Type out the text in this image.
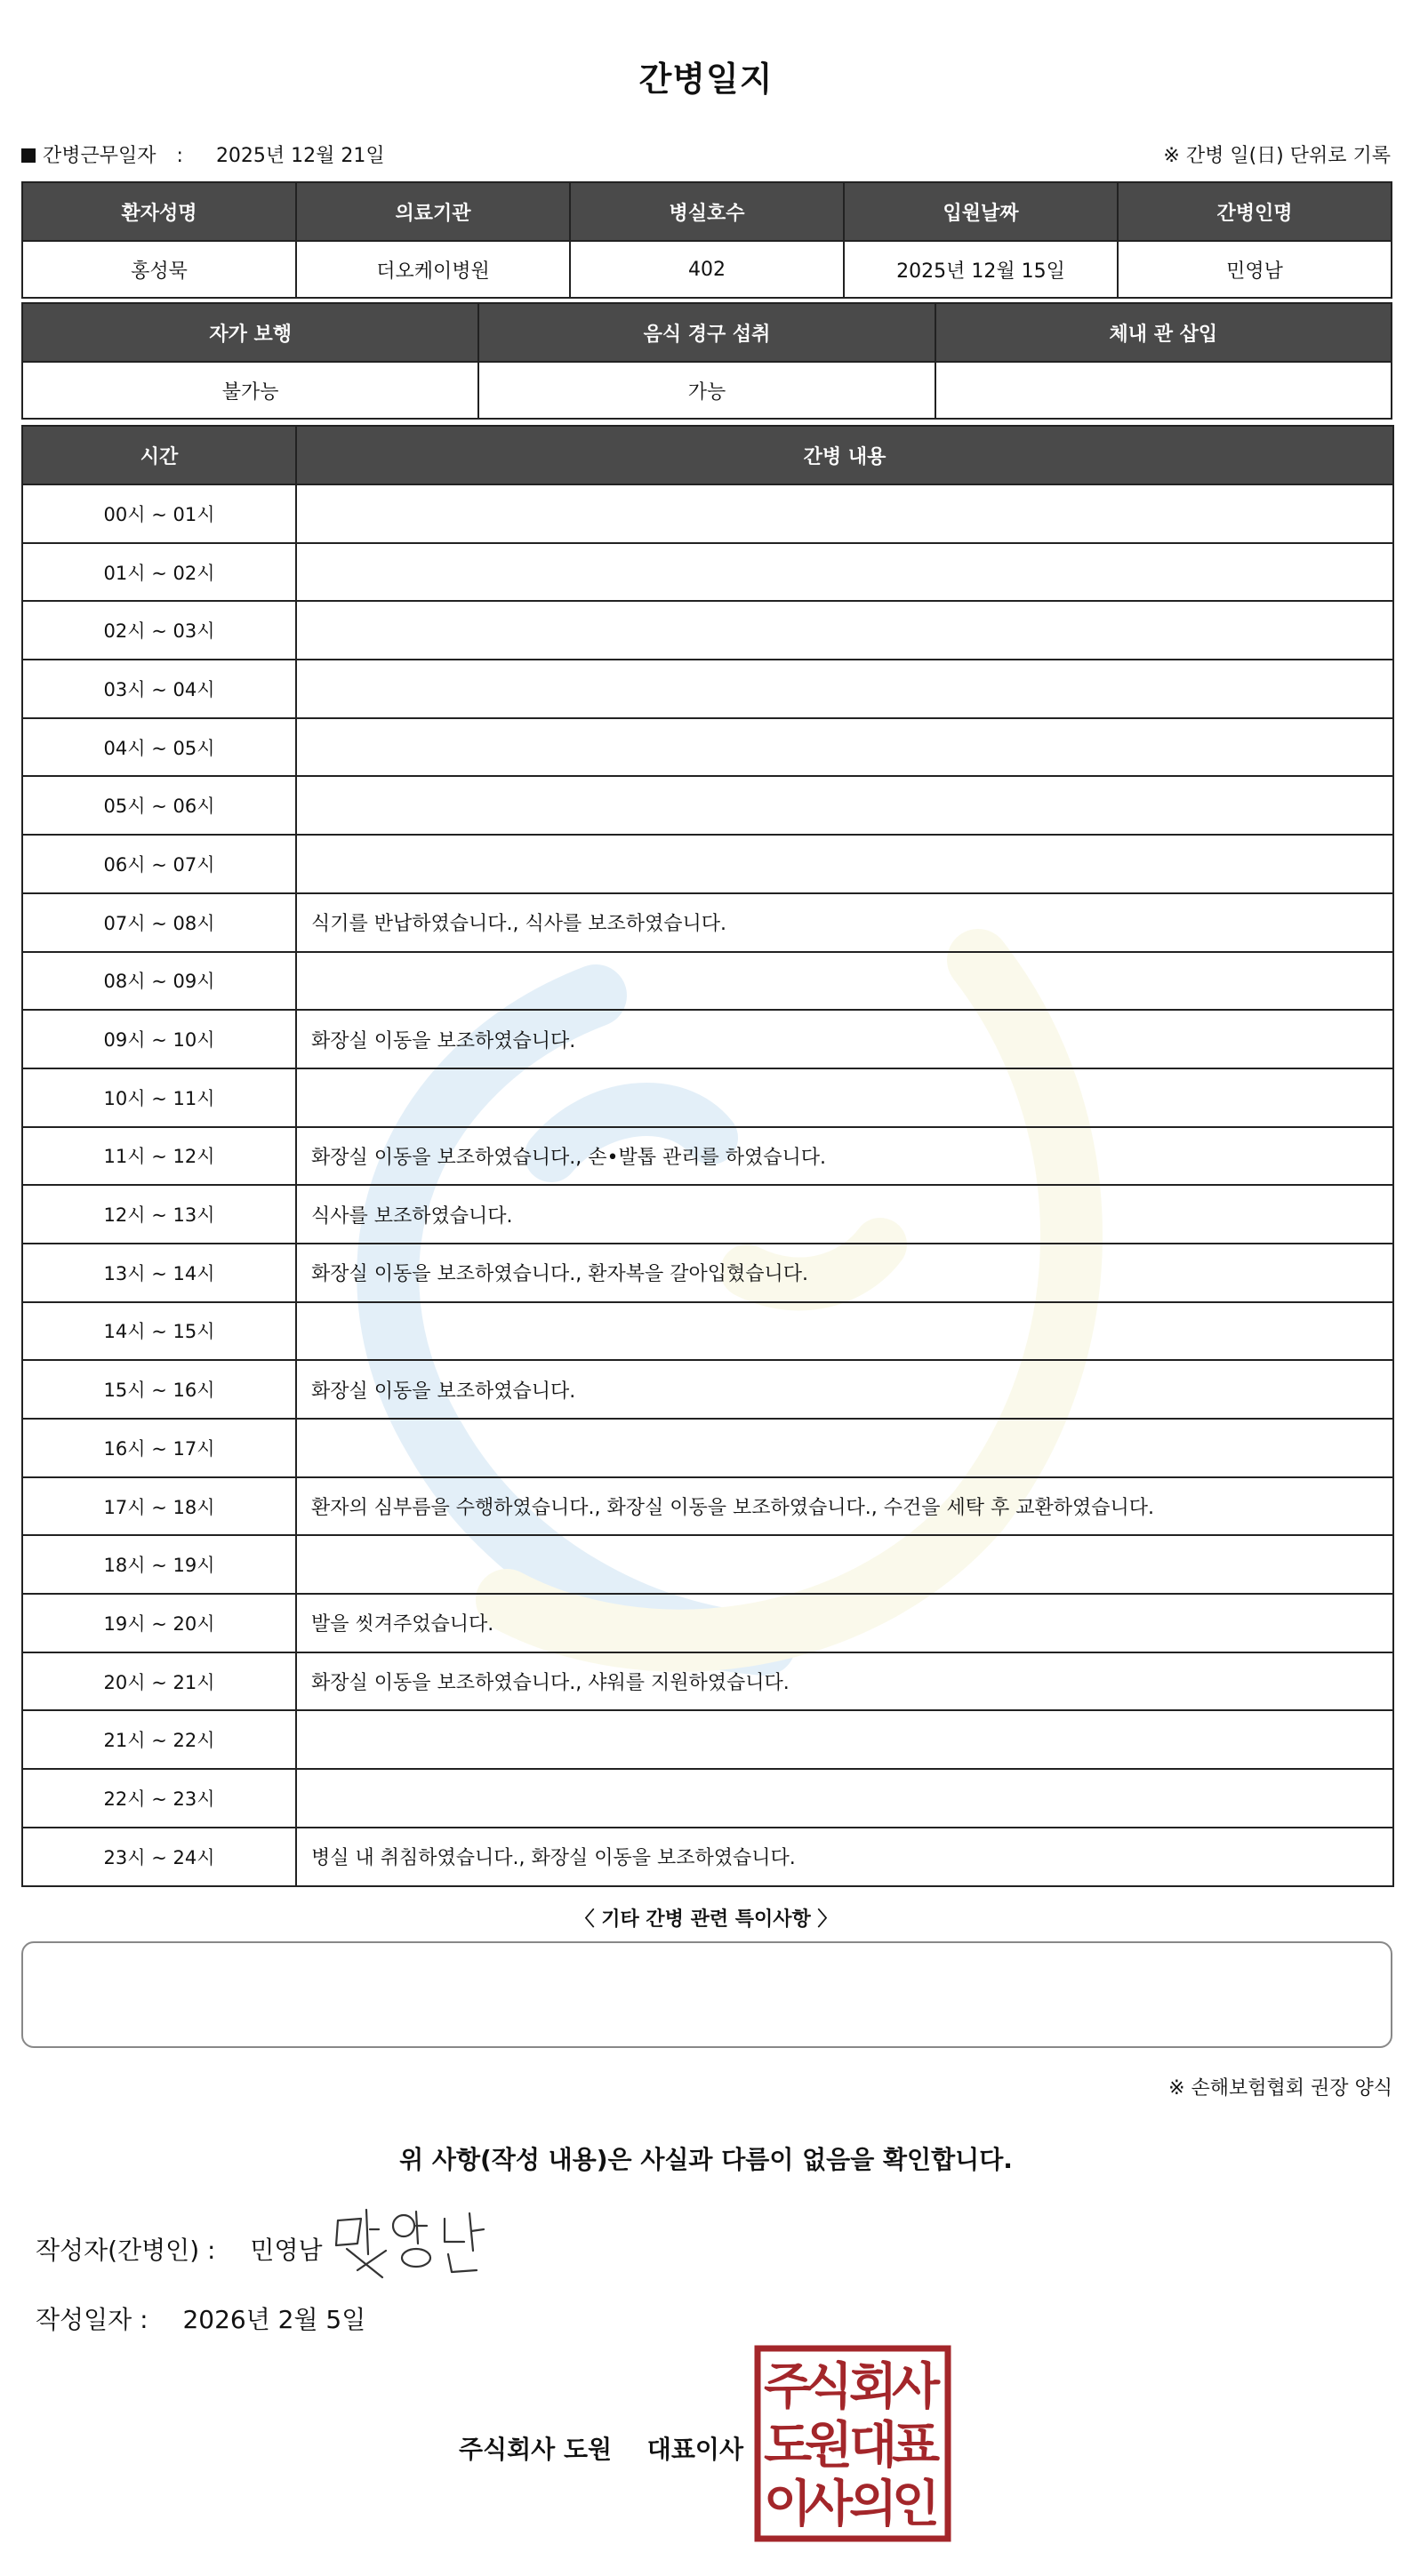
간병일지
간병근무일자 : 2025년 12월 21일	※ 간병 일(日) 단위로 기록
환자성명	의료기관	병실호수	입원날짜	간병인명
홍성묵	더오케이병원	402	2025년 12월 15일	민영남
자가 보행	음식 경구 섭취	체내 관 삽입
불가능	가능	
시간	간병 내용
00시 ~ 01시	
01시 ~ 02시	
02시 ~ 03시	
03시 ~ 04시	
04시 ~ 05시	
05시 ~ 06시	
06시 ~ 07시	
07시 ~ 08시	식기를 반납하였습니다., 식사를 보조하였습니다.
08시 ~ 09시	
09시 ~ 10시	화장실 이동을 보조하였습니다.
10시 ~ 11시	
11시 ~ 12시	화장실 이동을 보조하였습니다., 손•발톱 관리를 하였습니다.
12시 ~ 13시	식사를 보조하였습니다.
13시 ~ 14시	화장실 이동을 보조하였습니다., 환자복을 갈아입혔습니다.
14시 ~ 15시	
15시 ~ 16시	화장실 이동을 보조하였습니다.
16시 ~ 17시	
17시 ~ 18시	환자의 심부름을 수행하였습니다., 화장실 이동을 보조하였습니다., 수건을 세탁 후 교환하였습니다.
18시 ~ 19시	
19시 ~ 20시	발을 씻겨주었습니다.
20시 ~ 21시	화장실 이동을 보조하였습니다., 샤워를 지원하였습니다.
21시 ~ 22시	
22시 ~ 23시	
23시 ~ 24시	병실 내 취침하였습니다., 화장실 이동을 보조하였습니다.
〈 기타 간병 관련 특이사항 〉
※ 손해보험협회 권장 양식
위 사항(작성 내용)은 사실과 다름이 없음을 확인합니다.
작성자(간병인) : 민영남
작성일자 : 2026년 2월 5일
주식회사 도원 대표이사
주
식
회
사
도
원
대
표
이
사
의
인
